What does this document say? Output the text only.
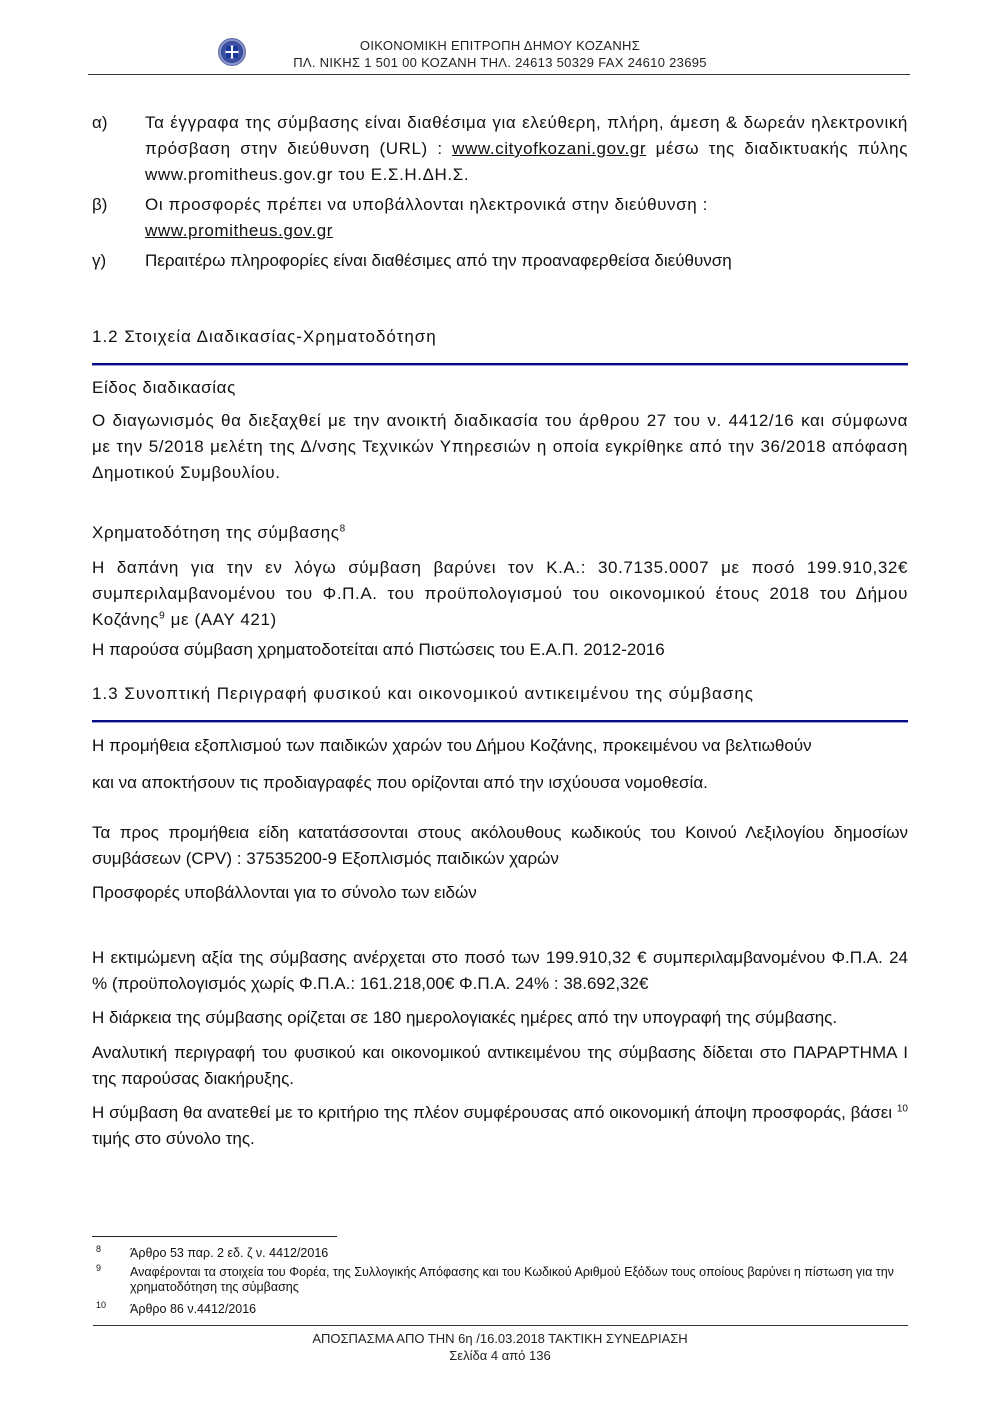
ΟΙΚΟΝΟΜΙΚΗ ΕΠΙΤΡΟΠΗ ΔΗΜΟΥ ΚΟΖΑΝΗΣ
ΠΛ. ΝΙΚΗΣ 1 501 00 ΚΟΖΑΝΗ ΤΗΛ. 24613 50329 FAX 24610 23695
α)	Τα έγγραφα της σύμβασης είναι διαθέσιμα για ελεύθερη, πλήρη, άμεση & δωρεάν ηλεκτρονική πρόσβαση στην διεύθυνση (URL) : www.cityofkozani.gov.gr μέσω της διαδικτυακής πύλης www.promitheus.gov.gr του Ε.Σ.Η.ΔΗ.Σ.
β)	Οι προσφορές πρέπει να υποβάλλονται ηλεκτρονικά στην διεύθυνση :
www.promitheus.gov.gr
γ)	Περαιτέρω πληροφορίες είναι διαθέσιμες από την προαναφερθείσα διεύθυνση
1.2 Στοιχεία Διαδικασίας-Χρηματοδότηση
Είδος διαδικασίας
Ο διαγωνισμός θα διεξαχθεί με την ανοικτή διαδικασία του άρθρου 27 του ν. 4412/16 και σύμφωνα με την 5/2018 μελέτη της Δ/νσης Τεχνικών Υπηρεσιών η οποία εγκρίθηκε από την 36/2018 απόφαση Δημοτικού Συμβουλίου.
Χρηματοδότηση της σύμβασης$^8$
Η δαπάνη για την εν λόγω σύμβαση βαρύνει τον Κ.Α.: 30.7135.0007 με ποσό 199.910,32€ συμπεριλαμβανομένου του Φ.Π.Α. του προϋπολογισμού του οικονομικού έτους 2018 του Δήμου Κοζάνης$^9$ με (ΑΑΥ 421)
Η παρούσα σύμβαση χρηματοδοτείται από Πιστώσεις του Ε.Α.Π. 2012-2016
1.3 Συνοπτική Περιγραφή φυσικού και οικονομικού αντικειμένου της σύμβασης
Η προμήθεια εξοπλισμού των παιδικών χαρών του Δήμου Κοζάνης, προκειμένου να βελτιωθούν
και να αποκτήσουν τις προδιαγραφές που ορίζονται από την ισχύουσα νομοθεσία.
Τα προς προμήθεια είδη κατατάσσονται στους ακόλουθους κωδικούς του Κοινού Λεξιλογίου δημοσίων συμβάσεων (CPV) : 37535200-9 Εξοπλισμός παιδικών χαρών
Προσφορές υποβάλλονται για το σύνολο των ειδών
Η εκτιμώμενη αξία της σύμβασης ανέρχεται στο ποσό των 199.910,32 € συμπεριλαμβανομένου Φ.Π.Α. 24 % (προϋπολογισμός χωρίς Φ.Π.Α.: 161.218,00€ Φ.Π.Α. 24% : 38.692,32€
Η διάρκεια της σύμβασης ορίζεται σε 180 ημερολογιακές ημέρες από την υπογραφή της σύμβασης.
Αναλυτική περιγραφή του φυσικού και οικονομικού αντικειμένου της σύμβασης δίδεται στο ΠΑΡΑΡΤΗΜΑ Ι της παρούσας διακήρυξης.
Η σύμβαση θα ανατεθεί με το κριτήριο της πλέον συμφέρουσας από οικονομική άποψη προσφοράς, βάσει $^{10}$ τιμής στο σύνολο της.
8 Άρθρο 53 παρ. 2 εδ. ζ ν. 4412/2016
9 Αναφέρονται τα στοιχεία του Φορέα, της Συλλογικής Απόφασης και του Κωδικού Αριθμού Εξόδων τους οποίους βαρύνει η πίστωση για την χρηματοδότηση της σύμβασης
10 Άρθρο 86 ν.4412/2016
ΑΠΟΣΠΑΣΜΑ ΑΠΟ ΤΗΝ 6η /16.03.2018 ΤΑΚΤΙΚΗ ΣΥΝΕΔΡΙΑΣΗ
Σελίδα 4 από 136
